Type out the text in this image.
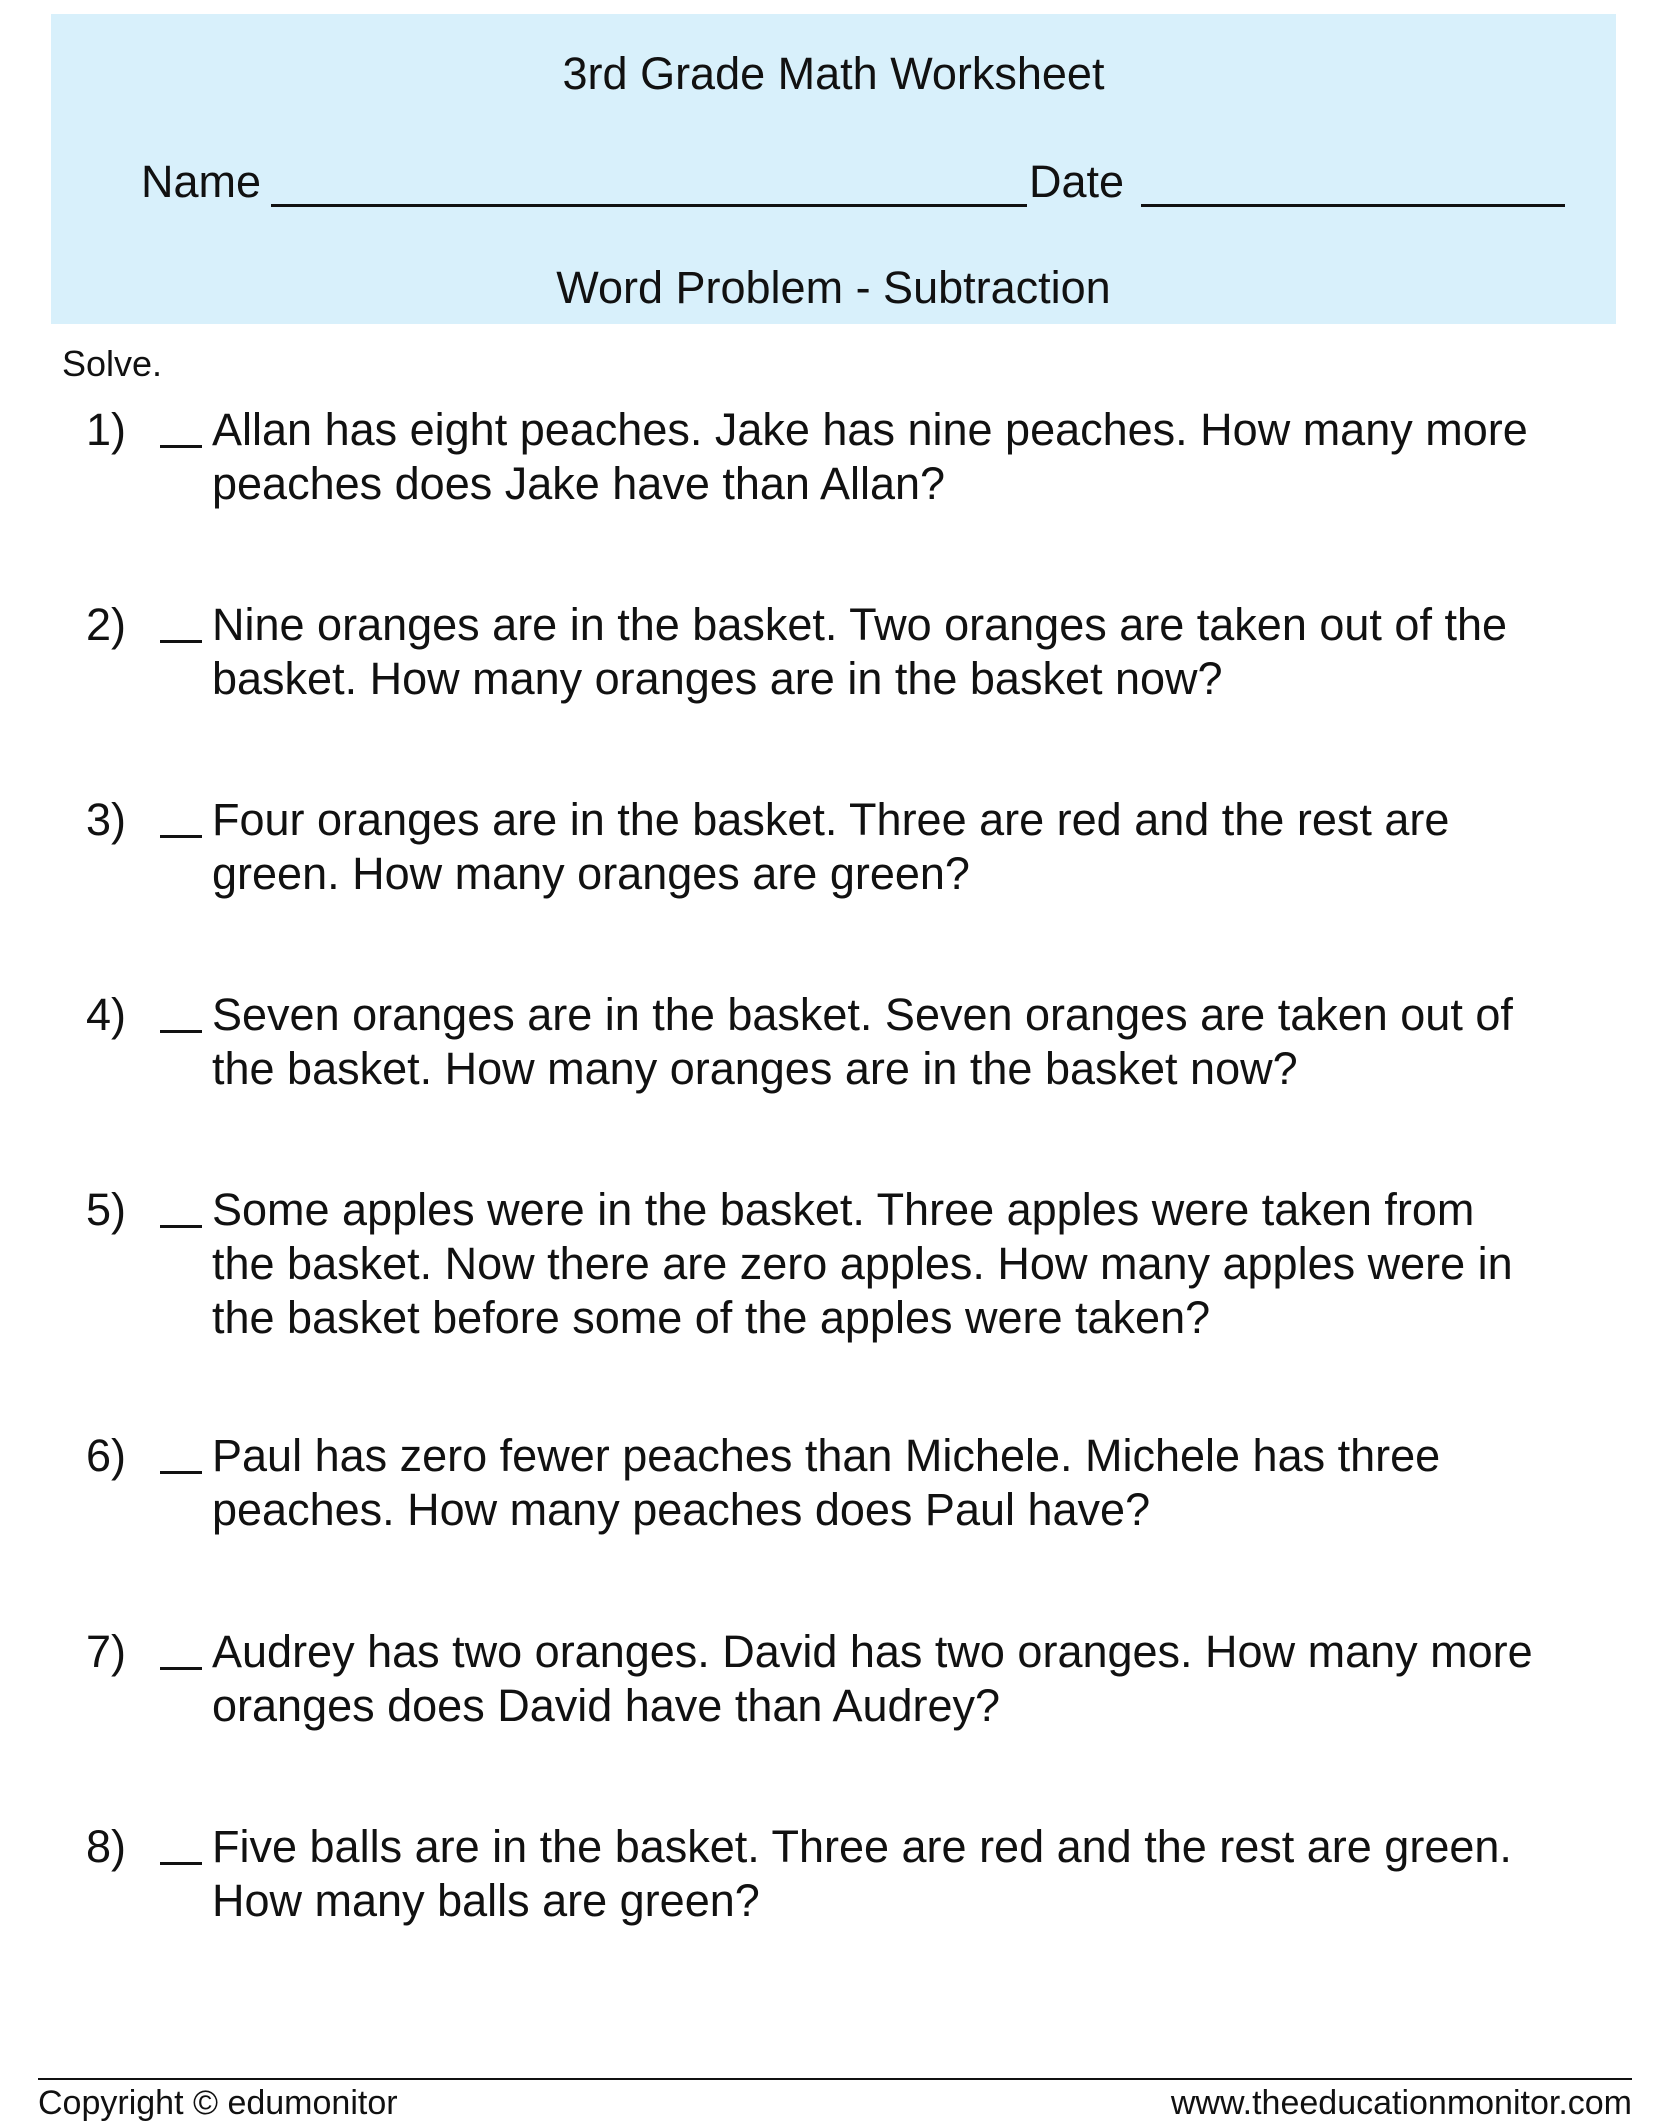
3rd Grade Math Worksheet
Name	Date
Word Problem - Subtraction
Solve.
1) Allan has eight peaches. Jake has nine peaches. How many more
peaches does Jake have than Allan?
2) Nine oranges are in the basket. Two oranges are taken out of the
basket. How many oranges are in the basket now?
3) Four oranges are in the basket. Three are red and the rest are
green. How many oranges are green?
4) Seven oranges are in the basket. Seven oranges are taken out of
the basket. How many oranges are in the basket now?
5) Some apples were in the basket. Three apples were taken from
the basket. Now there are zero apples. How many apples were in
the basket before some of the apples were taken?
6) Paul has zero fewer peaches than Michele. Michele has three
peaches. How many peaches does Paul have?
7) Audrey has two oranges. David has two oranges. How many more
oranges does David have than Audrey?
8) Five balls are in the basket. Three are red and the rest are green.
How many balls are green?
Copyright © edumonitor	www.theeducationmonitor.com
